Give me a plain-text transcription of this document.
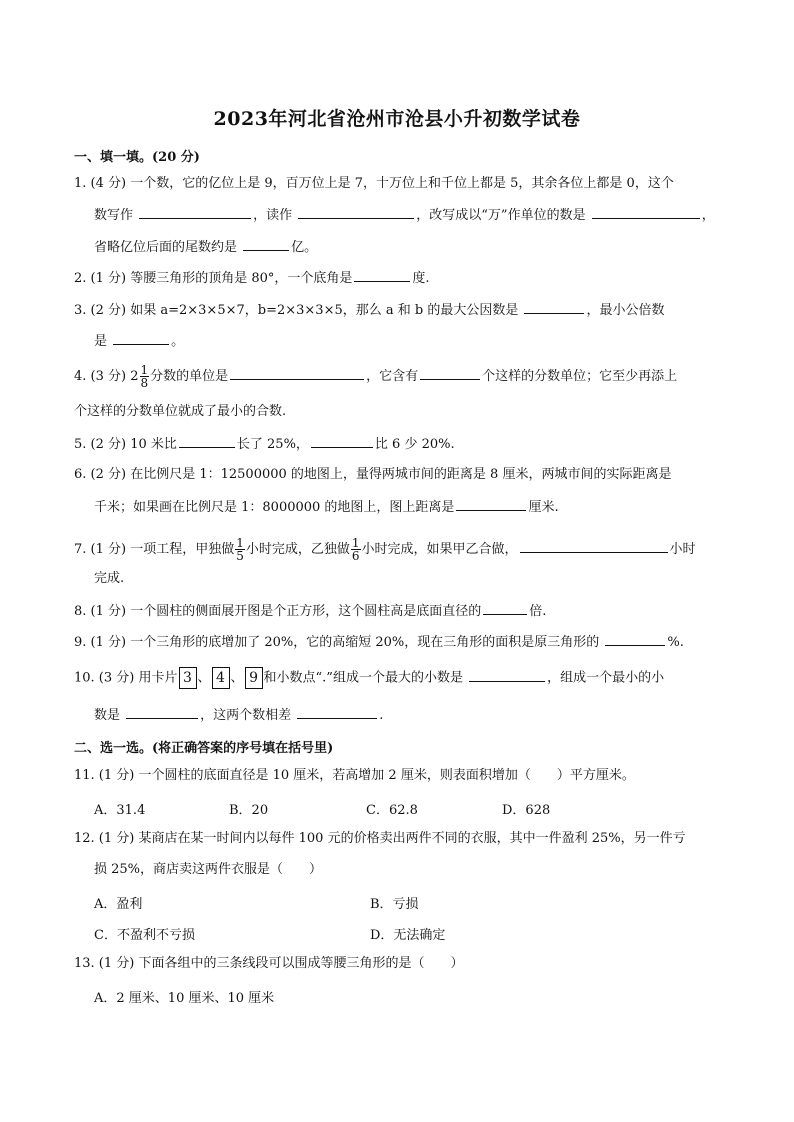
2023年河北省沧州市沧县小升初数学试卷
一、填一填。(20 分)
1. (4 分) 一个数，它的亿位上是 9，百万位上是 7，十万位上和千位上都是 5，其余各位上都是 0，这个
数写作	，读作	，改写成以“万”作单位的数是	，
省略亿位后面的尾数约是	亿。
2. (1 分) 等腰三角形的顶角是 80°，一个底角是	度.
3. (2 分) 如果 a=2×3×5×7，b=2×3×3×5，那么 a 和 b 的最大公因数是	，最小公倍数
是	。
4. (3 分) $2 \frac{1}{8}$ 分数的单位是	，它含有	个这样的分数单位；它至少再添上
个这样的分数单位就成了最小的合数.
5. (2 分) 10 米比	长了 25%，	比 6 少 20%.
6. (2 分) 在比例尺是 1：12500000 的地图上，量得两城市间的距离是 8 厘米，两城市间的实际距离是
千米；如果画在比例尺是 1：8000000 的地图上，图上距离是	厘米.
7. (1 分) 一项工程，甲独做 $\frac{1}{5}$ 小时完成，乙独做 $\frac{1}{6}$ 小时完成，如果甲乙合做，	小时
完成.
8. (1 分) 一个圆柱的侧面展开图是个正方形，这个圆柱高是底面直径的	倍.
9. (1 分) 一个三角形的底增加了 20%，它的高缩短 20%，现在三角形的面积是原三角形的	%.
10. (3 分) 用卡片 3 、 4 、 9 和小数点“.”组成一个最大的小数是	，组成一个最小的小
数是	，这两个数相差	.
二、选一选。(将正确答案的序号填在括号里)
11. (1 分) 一个圆柱的底面直径是 10 厘米，若高增加 2 厘米，则表面积增加（　　）平方厘米。
A．31.4	B．20	C．62.8	D．628
12. (1 分) 某商店在某一时间内以每件 100 元的价格卖出两件不同的衣服，其中一件盈利 25%，另一件亏
损 25%，商店卖这两件衣服是（　　）
A．盈利	B．亏损
C．不盈利不亏损	D．无法确定
13. (1 分) 下面各组中的三条线段可以围成等腰三角形的是（　　）
A．2 厘米、10 厘米、10 厘米
